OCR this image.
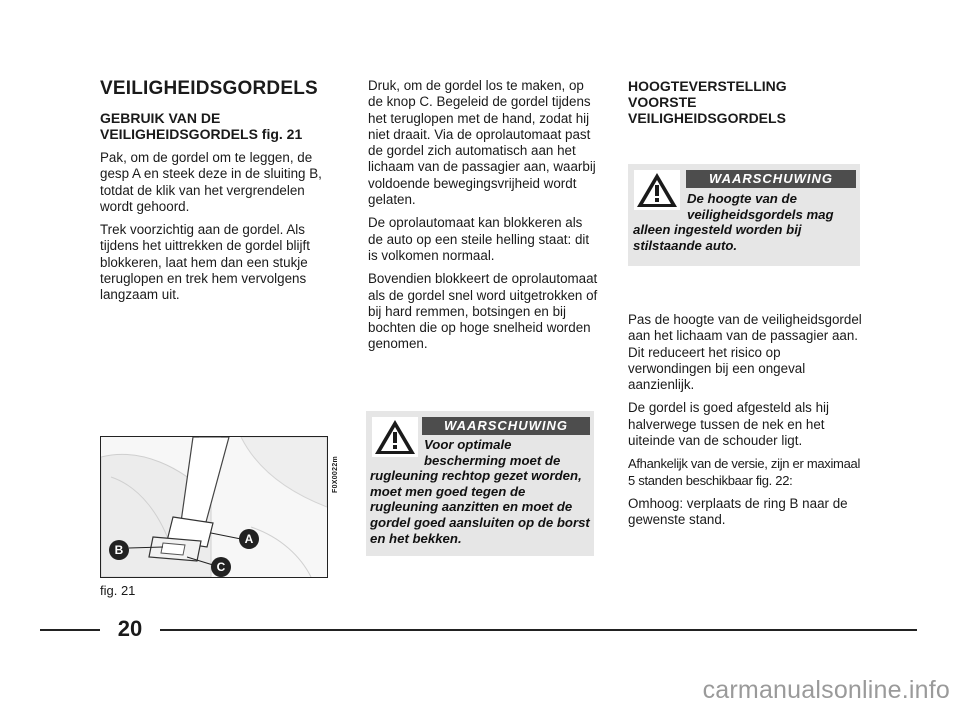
VEILIGHEIDSGORDELS
GEBRUIK VAN DE
VEILIGHEIDSGORDELS fig. 21

Pak, om de gordel om te leggen, de gesp A en steek deze in de sluiting B, totdat de klik van het vergrendelen wordt gehoord.

Trek voorzichtig aan de gordel. Als tijdens het uittrekken de gordel blijft blokkeren, laat hem dan een stukje teruglopen en trek hem vervolgens langzaam uit.

Druk, om de gordel los te maken, op de knop C. Begeleid de gordel tijdens het teruglopen met de hand, zodat hij niet draait. Via de oprolautomaat past de gordel zich automatisch aan het lichaam van de passagier aan, waarbij voldoende bewegingsvrijheid wordt gelaten.

De oprolautomaat kan blokkeren als de auto op een steile helling staat: dit is volkomen normaal.

Bovendien blokkeert de oprolautomaat als de gordel snel word uitgetrokken of bij hard remmen, botsingen en bij bochten die op hoge snelheid worden genomen.

WAARSCHUWING
Voor optimale bescherming moet de
rugleuning rechtop gezet worden, moet men goed tegen de rugleuning aanzitten en moet de gordel goed aansluiten op de borst en het bekken.
HOOGTEVERSTELLING
VOORSTE
VEILIGHEIDSGORDELS
WAARSCHUWING
De hoogte van de veiligheidsgordels mag
alleen ingesteld worden bij stilstaande auto.

Pas de hoogte van de veiligheidsgordel aan het lichaam van de passagier aan. Dit reduceert het risico op verwondingen bij een ongeval aanzienlijk.

De gordel is goed afgesteld als hij halverwege tussen de nek en het uiteinde van de schouder ligt.

Afhankelijk van de versie, zijn er maximaal 5 standen beschikbaar fig. 22:

Omhoog: verplaats de ring B naar de gewenste stand.

B
A
C
F0X0022m
fig. 21
20
carmanualsonline.info
